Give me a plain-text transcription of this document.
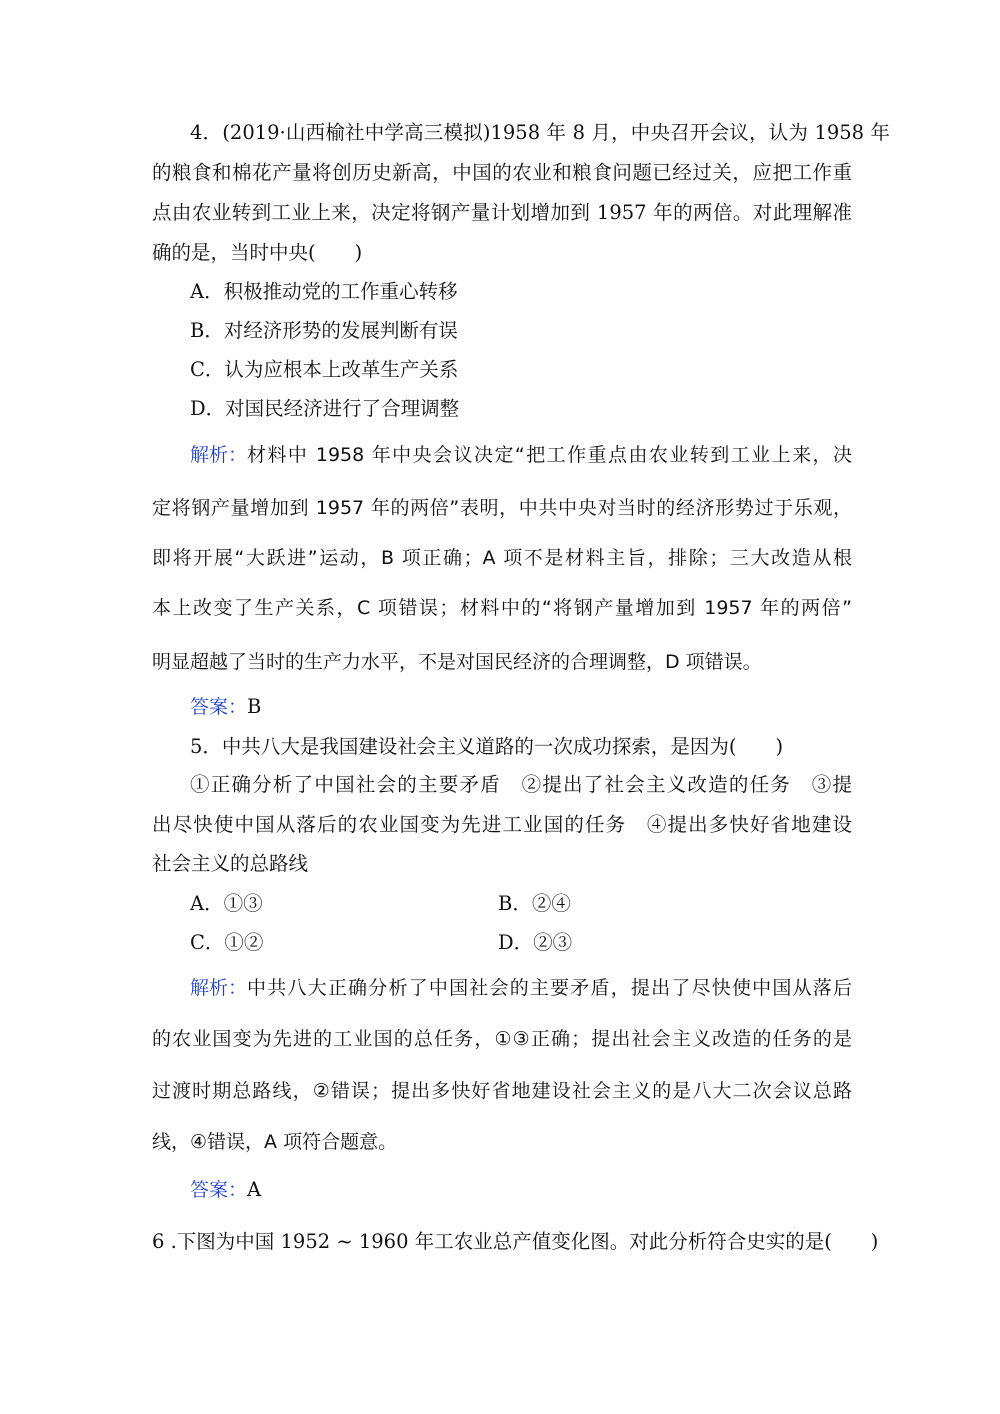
4．(2019·山西榆社中学高三模拟)1958 年 8 月，中央召开会议，认为 1958 年
的粮食和棉花产量将创历史新高，中国的农业和粮食问题已经过关，应把工作重
点由农业转到工业上来，决定将钢产量计划增加到 1957 年的两倍。对此理解准
确的是，当时中央(　　)
A．积极推动党的工作重心转移
B．对经济形势的发展判断有误
C．认为应根本上改革生产关系
D．对国民经济进行了合理调整
解析： 材料中 1958 年中央会议决定“把工作重点由农业转到工业上来，决
定将钢产量增加到 1957 年的两倍”表明，中共中央对当时的经济形势过于乐观，
即将开展“大跃进”运动，B 项正确；A 项不是材料主旨，排除；三大改造从根
本上改变了生产关系，C 项错误；材料中的“将钢产量增加到 1957 年的两倍”
明显超越了当时的生产力水平，不是对国民经济的合理调整，D 项错误。
答案：B
5．中共八大是我国建设社会主义道路的一次成功探索，是因为(　　)
①正确分析了中国社会的主要矛盾　②提出了社会主义改造的任务　③提
出尽快使中国从落后的农业国变为先进工业国的任务　④提出多快好省地建设
社会主义的总路线
A．①③	B．②④
C．①②	D．②③
解析： 中共八大正确分析了中国社会的主要矛盾，提出了尽快使中国从落后
的农业国变为先进的工业国的总任务，①③正确；提出社会主义改造的任务的是
过渡时期总路线，②错误；提出多快好省地建设社会主义的是八大二次会议总路
线，④错误，A 项符合题意。
答案：A
6 .下图为中国 1952 ~ 1960 年工农业总产值变化图。对此分析符合史实的是(　　)
